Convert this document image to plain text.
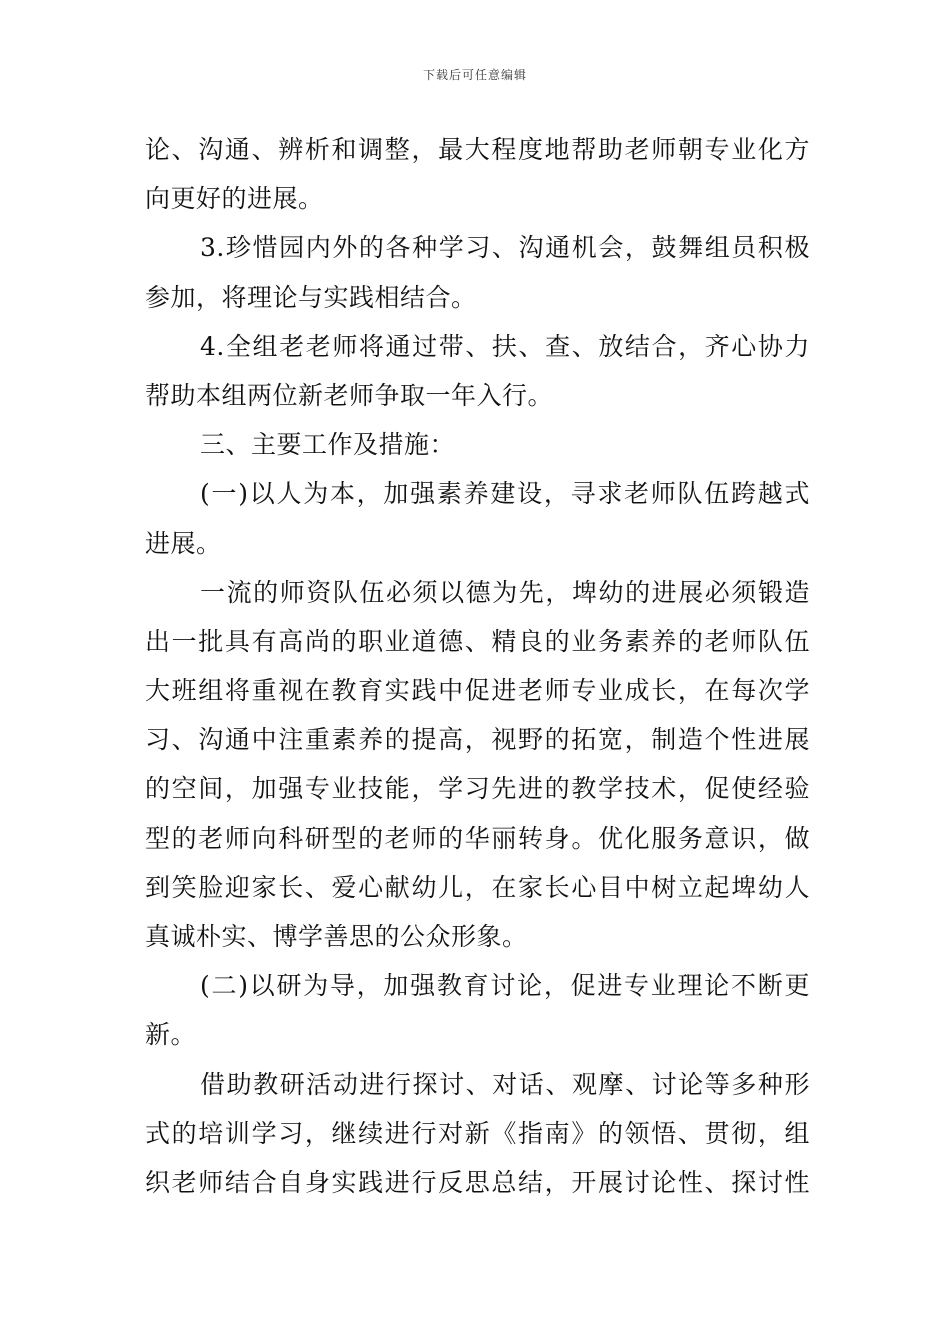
下载后可任意编辑
论、沟通、辨析和调整，最大程度地帮助老师朝专业化方
向更好的进展。
3.珍惜园内外的各种学习、沟通机会，鼓舞组员积极
参加，将理论与实践相结合。
4.全组老老师将通过带、扶、查、放结合，齐心协力
帮助本组两位新老师争取一年入行。
三、主要工作及措施：
(一)以人为本，加强素养建设，寻求老师队伍跨越式
进展。
一流的师资队伍必须以德为先，埤幼的进展必须锻造
出一批具有高尚的职业道德、精良的业务素养的老师队伍
大班组将重视在教育实践中促进老师专业成长，在每次学
习、沟通中注重素养的提高，视野的拓宽，制造个性进展
的空间，加强专业技能，学习先进的教学技术，促使经验
型的老师向科研型的老师的华丽转身。优化服务意识，做
到笑脸迎家长、爱心献幼儿，在家长心目中树立起埤幼人
真诚朴实、博学善思的公众形象。
(二)以研为导，加强教育讨论，促进专业理论不断更
新。
借助教研活动进行探讨、对话、观摩、讨论等多种形
式的培训学习，继续进行对新《指南》的领悟、贯彻，组
织老师结合自身实践进行反思总结，开展讨论性、探讨性
